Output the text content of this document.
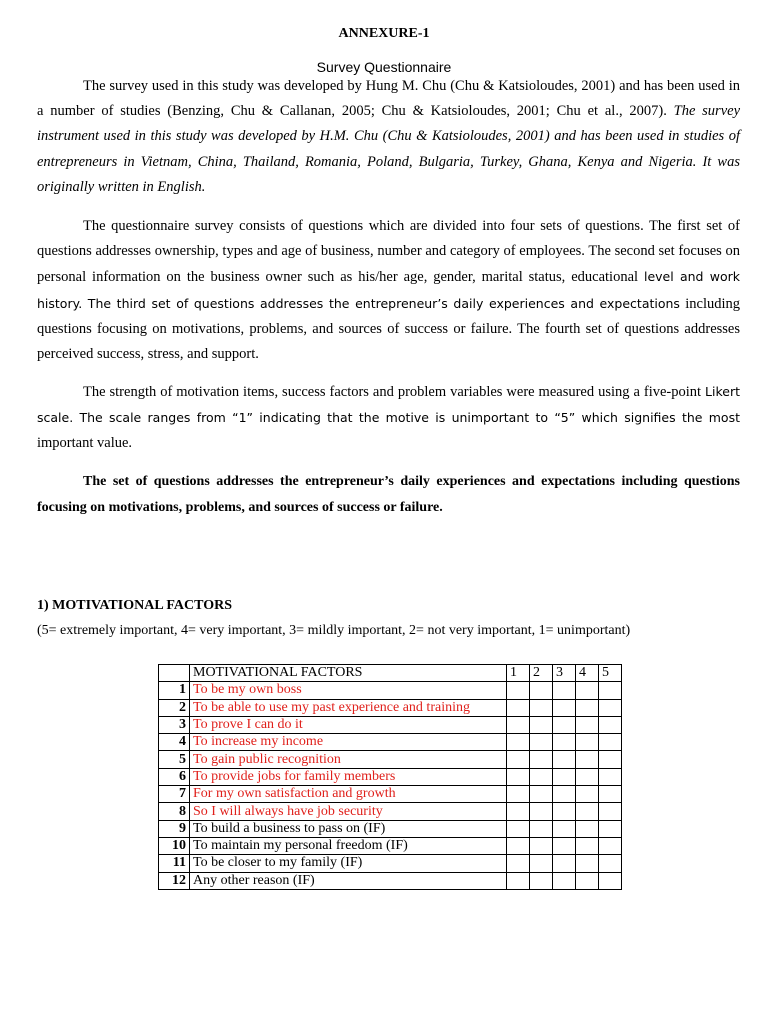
ANNEXURE-1
Survey Questionnaire

The survey used in this study was developed by Hung M. Chu (Chu & Katsioloudes, 2001) and has been used in a number of studies (Benzing, Chu & Callanan, 2005; Chu & Katsioloudes, 2001; Chu et al., 2007). The survey instrument used in this study was developed by H.M. Chu (Chu & Katsioloudes, 2001) and has been used in studies of entrepreneurs in Vietnam, China, Thailand, Romania, Poland, Bulgaria, Turkey, Ghana, Kenya and Nigeria. It was originally written in English.

The questionnaire survey consists of questions which are divided into four sets of questions. The first set of questions addresses ownership, types and age of business, number and category of employees. The second set focuses on personal information on the business owner such as his/her age, gender, marital status, educational level and work history. The third set of questions addresses the entrepreneur’s daily experiences and expectations including questions focusing on motivations, problems, and sources of success or failure. The fourth set of questions addresses perceived success, stress, and support.

The strength of motivation items, success factors and problem variables were measured using a five-point Likert scale. The scale ranges from “1” indicating that the motive is unimportant to “5” which signifies the most important value.

The set of questions addresses the entrepreneur’s daily experiences and expectations including questions focusing on motivations, problems, and sources of success or failure.

1) MOTIVATIONAL FACTORS
(5= extremely important, 4= very important, 3= mildly important, 2= not very important, 1= unimportant)
	MOTIVATIONAL FACTORS	1	2	3	4	5
1	To be my own boss					
2	To be able to use my past experience and training					
3	To prove I can do it					
4	To increase my income					
5	To gain public recognition					
6	To provide jobs for family members					
7	For my own satisfaction and growth					
8	So I will always have job security					
9	To build a business to pass on (IF)					
10	To maintain my personal freedom (IF)					
11	To be closer to my family (IF)					
12	Any other reason (IF)					
